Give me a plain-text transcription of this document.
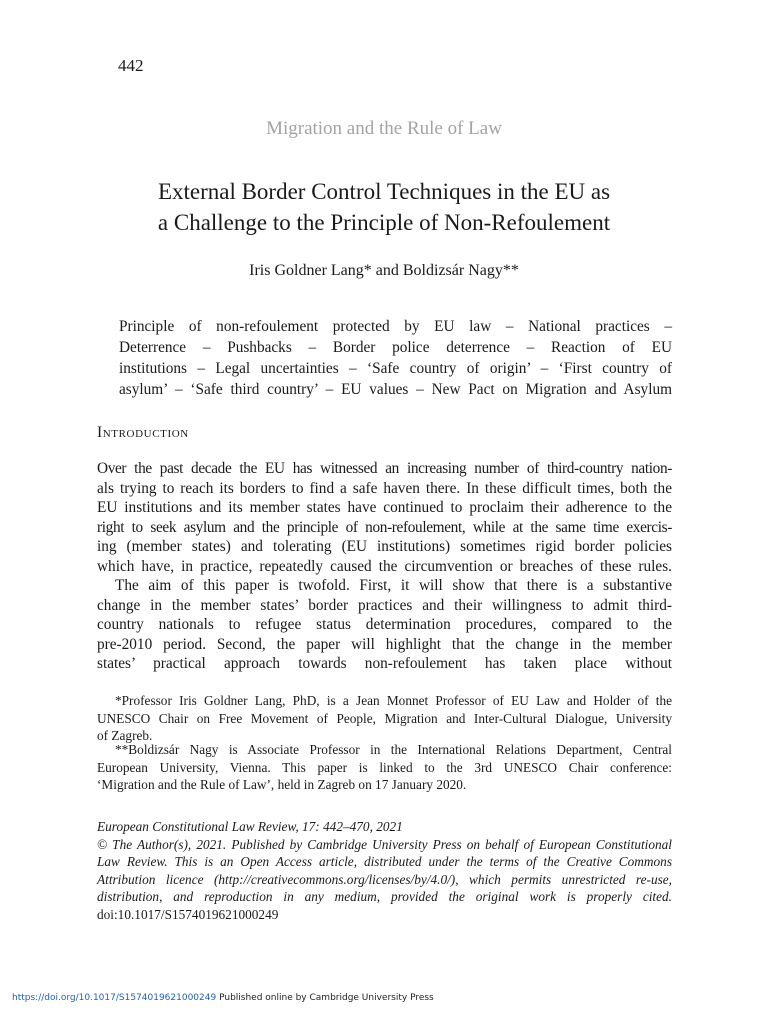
442
Migration and the Rule of Law
External Border Control Techniques in the EU as
a Challenge to the Principle of Non-Refoulement
Iris Goldner Lang* and Boldizsár Nagy**
Principle of non-refoulement protected by EU law – National practices –
Deterrence – Pushbacks – Border police deterrence – Reaction of EU
institutions – Legal uncertainties – ‘Safe country of origin’ – ‘First country of
asylum’ – ‘Safe third country’ – EU values – New Pact on Migration and Asylum
Introduction
Over the past decade the EU has witnessed an increasing number of third-country nation-
als trying to reach its borders to find a safe haven there. In these difficult times, both the
EU institutions and its member states have continued to proclaim their adherence to the
right to seek asylum and the principle of non-refoulement, while at the same time exercis-
ing (member states) and tolerating (EU institutions) sometimes rigid border policies
which have, in practice, repeatedly caused the circumvention or breaches of these rules.
The aim of this paper is twofold. First, it will show that there is a substantive
change in the member states’ border practices and their willingness to admit third-
country nationals to refugee status determination procedures, compared to the
pre-2010 period. Second, the paper will highlight that the change in the member
states’ practical approach towards non-refoulement has taken place without
*Professor Iris Goldner Lang, PhD, is a Jean Monnet Professor of EU Law and Holder of the
UNESCO Chair on Free Movement of People, Migration and Inter-Cultural Dialogue, University
of Zagreb.
**Boldizsár Nagy is Associate Professor in the International Relations Department, Central
European University, Vienna. This paper is linked to the 3rd UNESCO Chair conference:
‘Migration and the Rule of Law’, held in Zagreb on 17 January 2020.
European Constitutional Law Review, 17: 442–470, 2021
© The Author(s), 2021. Published by Cambridge University Press on behalf of European Constitutional
Law Review. This is an Open Access article, distributed under the terms of the Creative Commons
Attribution licence (http://creativecommons.org/licenses/by/4.0/), which permits unrestricted re-use,
distribution, and reproduction in any medium, provided the original work is properly cited.
doi:10.1017/S1574019621000249
https://doi.org/10.1017/S1574019621000249 Published online by Cambridge University Press
